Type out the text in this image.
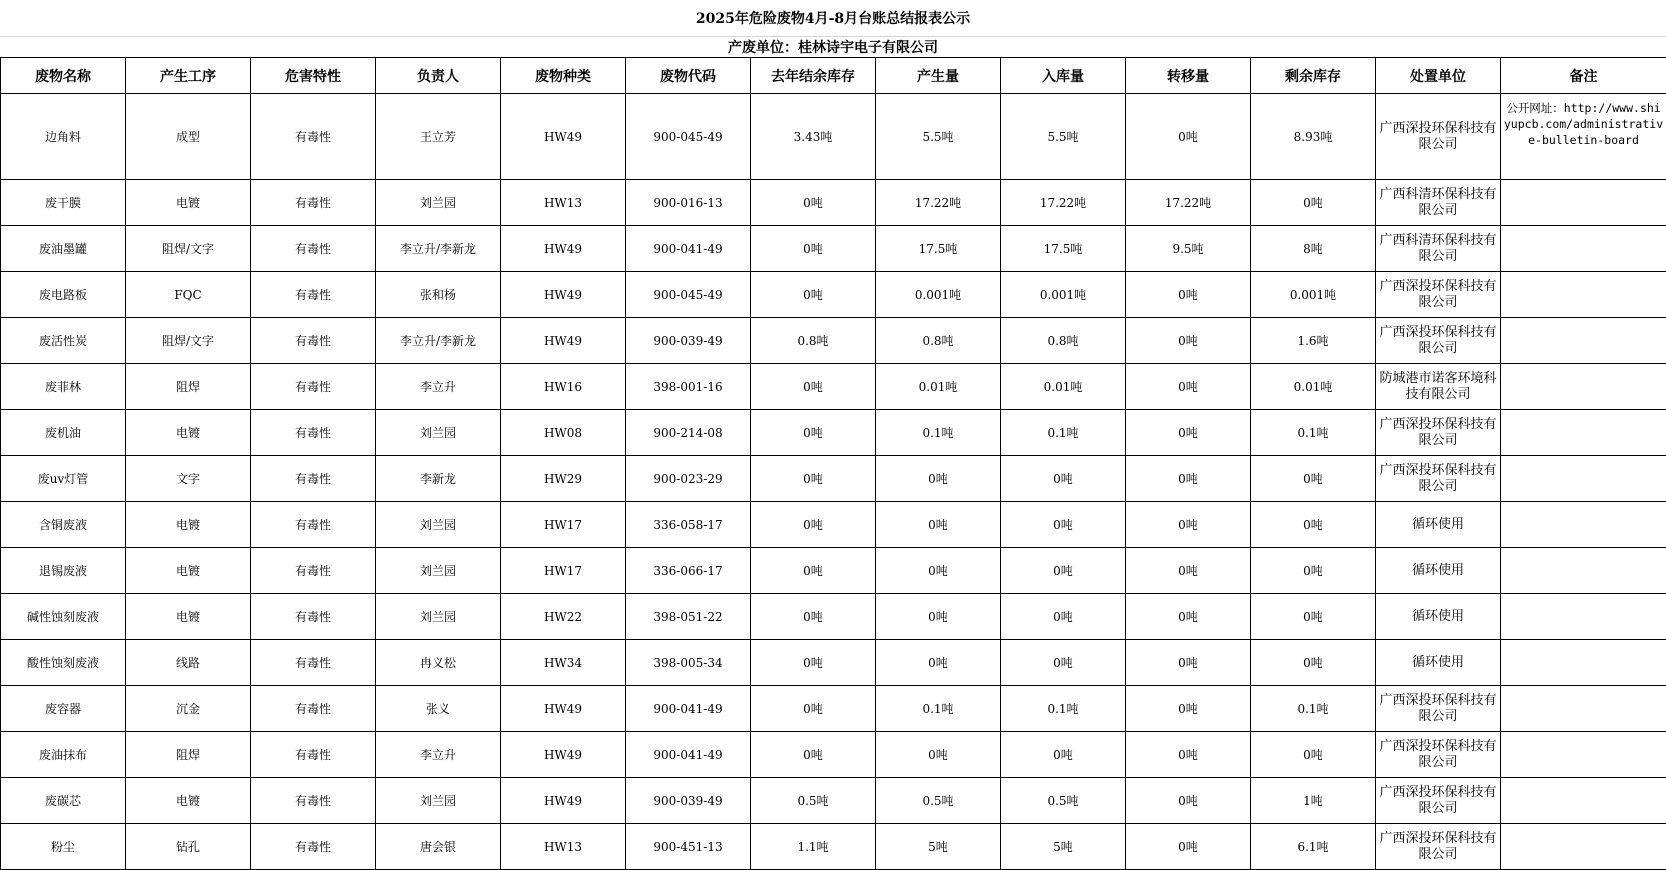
2025年危险废物4月-8月台账总结报表公示
产废单位：桂林诗宇电子有限公司
废物名称	产生工序	危害特性	负责人	废物种类	废物代码	去年结余库存	产生量	入库量	转移量	剩余库存	处置单位	备注
边角料	成型	有毒性	王立芳	HW49	900-045-49	3.43吨	5.5吨	5.5吨	0吨	8.93吨	广西深投环保科技有限公司	公开网址：http://www.shiyupcb.com/administrative-bulletin-board
废干膜	电镀	有毒性	刘兰园	HW13	900-016-13	0吨	17.22吨	17.22吨	17.22吨	0吨	广西科清环保科技有限公司	
废油墨罐	阻焊/文字	有毒性	李立升/李新龙	HW49	900-041-49	0吨	17.5吨	17.5吨	9.5吨	8吨	广西科清环保科技有限公司	
废电路板	FQC	有毒性	张和杨	HW49	900-045-49	0吨	0.001吨	0.001吨	0吨	0.001吨	广西深投环保科技有限公司	
废活性炭	阻焊/文字	有毒性	李立升/李新龙	HW49	900-039-49	0.8吨	0.8吨	0.8吨	0吨	1.6吨	广西深投环保科技有限公司	
废菲林	阻焊	有毒性	李立升	HW16	398-001-16	0吨	0.01吨	0.01吨	0吨	0.01吨	防城港市诺客环境科技有限公司	
废机油	电镀	有毒性	刘兰园	HW08	900-214-08	0吨	0.1吨	0.1吨	0吨	0.1吨	广西深投环保科技有限公司	
废uv灯管	文字	有毒性	李新龙	HW29	900-023-29	0吨	0吨	0吨	0吨	0吨	广西深投环保科技有限公司	
含铜废液	电镀	有毒性	刘兰园	HW17	336-058-17	0吨	0吨	0吨	0吨	0吨	循环使用	
退锡废液	电镀	有毒性	刘兰园	HW17	336-066-17	0吨	0吨	0吨	0吨	0吨	循环使用	
碱性蚀刻废液	电镀	有毒性	刘兰园	HW22	398-051-22	0吨	0吨	0吨	0吨	0吨	循环使用	
酸性蚀刻废液	线路	有毒性	冉义松	HW34	398-005-34	0吨	0吨	0吨	0吨	0吨	循环使用	
废容器	沉金	有毒性	张义	HW49	900-041-49	0吨	0.1吨	0.1吨	0吨	0.1吨	广西深投环保科技有限公司	
废油抹布	阻焊	有毒性	李立升	HW49	900-041-49	0吨	0吨	0吨	0吨	0吨	广西深投环保科技有限公司	
废碳芯	电镀	有毒性	刘兰园	HW49	900-039-49	0.5吨	0.5吨	0.5吨	0吨	1吨	广西深投环保科技有限公司	
粉尘	钻孔	有毒性	唐会银	HW13	900-451-13	1.1吨	5吨	5吨	0吨	6.1吨	广西深投环保科技有限公司	
